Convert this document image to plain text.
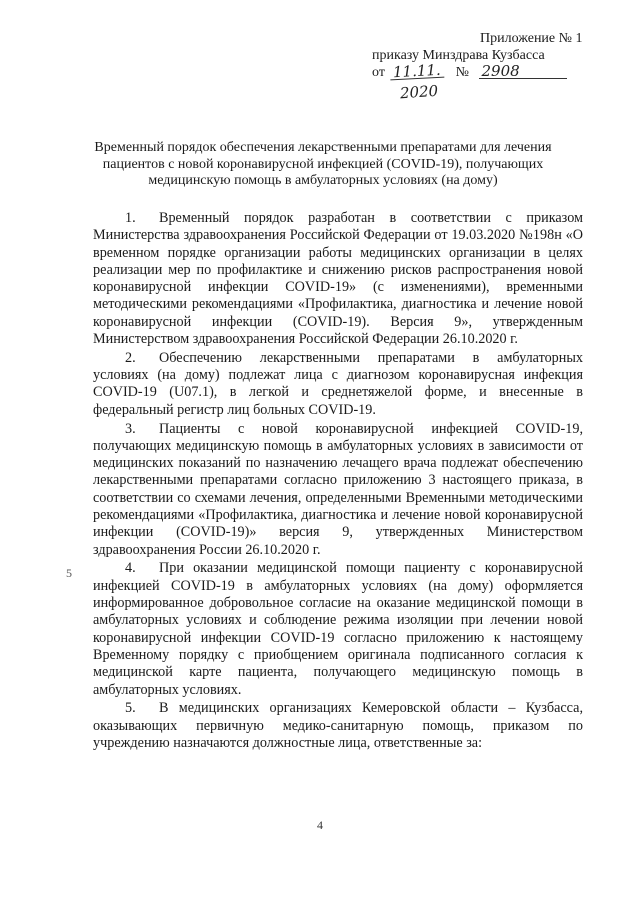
Приложение № 1
приказу Минздрава Кузбасса
от 11.11. № 2908
2020
Временный порядок обеспечения лекарственными препаратами для лечения пациентов с новой коронавирусной инфекцией (COVID-19), получающих медицинскую помощь в амбулаторных условиях (на дому)

1. Временный порядок разработан в соответствии с приказом Министерства здравоохранения Российской Федерации от 19.03.2020 №198н «О временном порядке организации работы медицинских организации в целях реализации мер по профилактике и снижению рисков распространения новой коронавирусной инфекции COVID-19» (с изменениями), временными методическими рекомендациями «Профилактика, диагностика и лечение новой коронавирусной инфекции (COVID-19). Версия 9», утвержденным Министерством здравоохранения Российской Федерации 26.10.2020 г.

2. Обеспечению лекарственными препаратами в амбулаторных условиях (на дому) подлежат лица с диагнозом коронавирусная инфекция COVID-19 (U07.1), в легкой и среднетяжелой форме, и внесенные в федеральный регистр лиц больных COVID-19.

3. Пациенты с новой коронавирусной инфекцией COVID-19, получающих медицинскую помощь в амбулаторных условиях в зависимости от медицинских показаний по назначению лечащего врача подлежат обеспечению лекарственными препаратами согласно приложению 3 настоящего приказа, в соответствии со схемами лечения, определенными Временными методическими рекомендациями «Профилактика, диагностика и лечение новой коронавирусной инфекции (COVID-19)» версия 9, утвержденных Министерством здравоохранения России 26.10.2020 г.

4. При оказании медицинской помощи пациенту с коронавирусной инфекцией COVID-19 в амбулаторных условиях (на дому) оформляется информированное добровольное согласие на оказание медицинской помощи в амбулаторных условиях и соблюдение режима изоляции при лечении новой коронавирусной инфекции COVID-19 согласно приложению к настоящему Временному порядку с приобщением оригинала подписанного согласия к медицинской карте пациента, получающего медицинскую помощь в амбулаторных условиях.

5. В медицинских организациях Кемеровской области – Кузбасса, оказывающих первичную медико-санитарную помощь, приказом по учреждению назначаются должностные лица, ответственные за:

5
4
